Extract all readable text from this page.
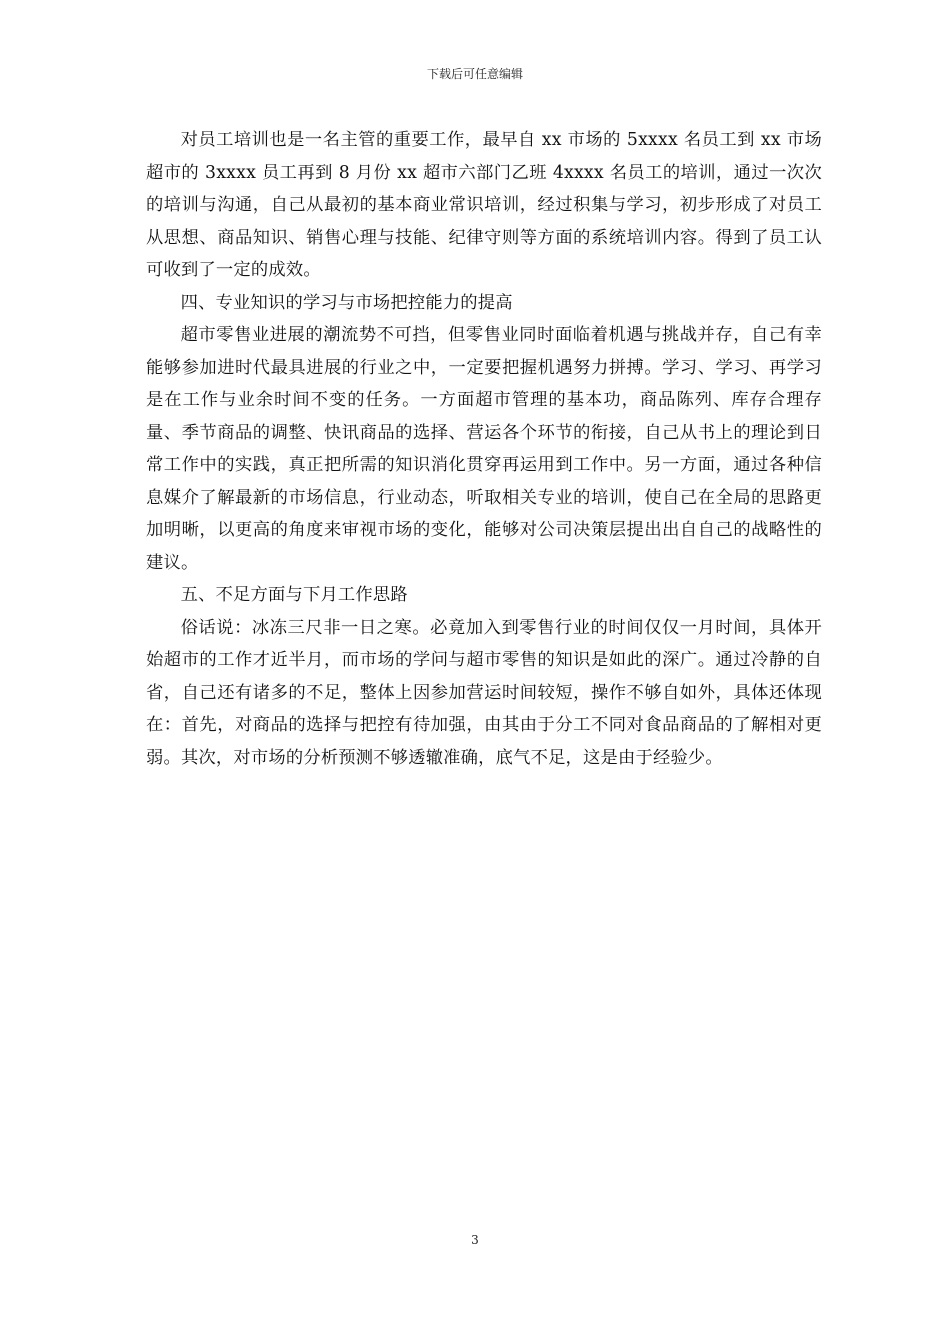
下载后可任意编辑

对员工培训也是一名主管的重要工作，最早自 xx 市场的 5xxxx 名员工到 xx 市场超市的 3xxxx 员工再到 8 月份 xx 超市六部门乙班 4xxxx 名员工的培训，通过一次次的培训与沟通，自己从最初的基本商业常识培训，经过积集与学习，初步形成了对员工从思想、商品知识、销售心理与技能、纪律守则等方面的系统培训内容。得到了员工认可收到了一定的成效。

四、专业知识的学习与市场把控能力的提高

超市零售业进展的潮流势不可挡，但零售业同时面临着机遇与挑战并存，自己有幸能够参加进时代最具进展的行业之中，一定要把握机遇努力拼搏。学习、学习、再学习是在工作与业余时间不变的任务。一方面超市管理的基本功，商品陈列、库存合理存量、季节商品的调整、快讯商品的选择、营运各个环节的衔接，自己从书上的理论到日常工作中的实践，真正把所需的知识消化贯穿再运用到工作中。另一方面，通过各种信息媒介了解最新的市场信息，行业动态，听取相关专业的培训，使自己在全局的思路更加明晰，以更高的角度来审视市场的变化，能够对公司决策层提出出自自己的战略性的建议。

五、不足方面与下月工作思路

俗话说：冰冻三尺非一日之寒。必竟加入到零售行业的时间仅仅一月时间，具体开始超市的工作才近半月，而市场的学问与超市零售的知识是如此的深广。通过冷静的自省，自己还有诸多的不足，整体上因参加营运时间较短，操作不够自如外，具体还体现在：首先，对商品的选择与把控有待加强，由其由于分工不同对食品商品的了解相对更弱。其次，对市场的分析预测不够透辙准确，底气不足，这是由于经验少。

3
